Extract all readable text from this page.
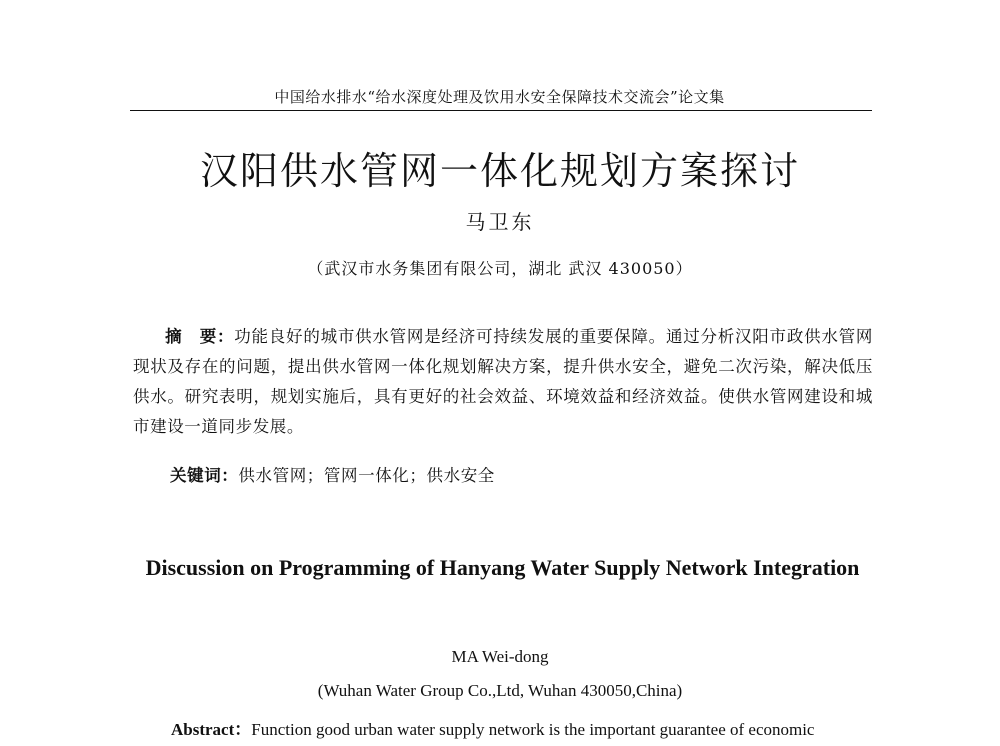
中国给水排水“给水深度处理及饮用水安全保障技术交流会”论文集
汉阳供水管网一体化规划方案探讨
马卫东
（武汉市水务集团有限公司，湖北 武汉 430050）
摘　要：功能良好的城市供水管网是经济可持续发展的重要保障。通过分析汉阳市政供水管网现状及存在的问题，提出供水管网一体化规划解决方案，提升供水安全，避免二次污染，解决低压供水。研究表明，规划实施后，具有更好的社会效益、环境效益和经济效益。使供水管网建设和城市建设一道同步发展。
关键词：供水管网；管网一体化；供水安全
Discussion on Programming of Hanyang Water Supply Network Integration
MA Wei-dong
(Wuhan Water Group Co.,Ltd, Wuhan 430050,China)
Abstract：Function good urban water supply network is the important guarantee of economic
